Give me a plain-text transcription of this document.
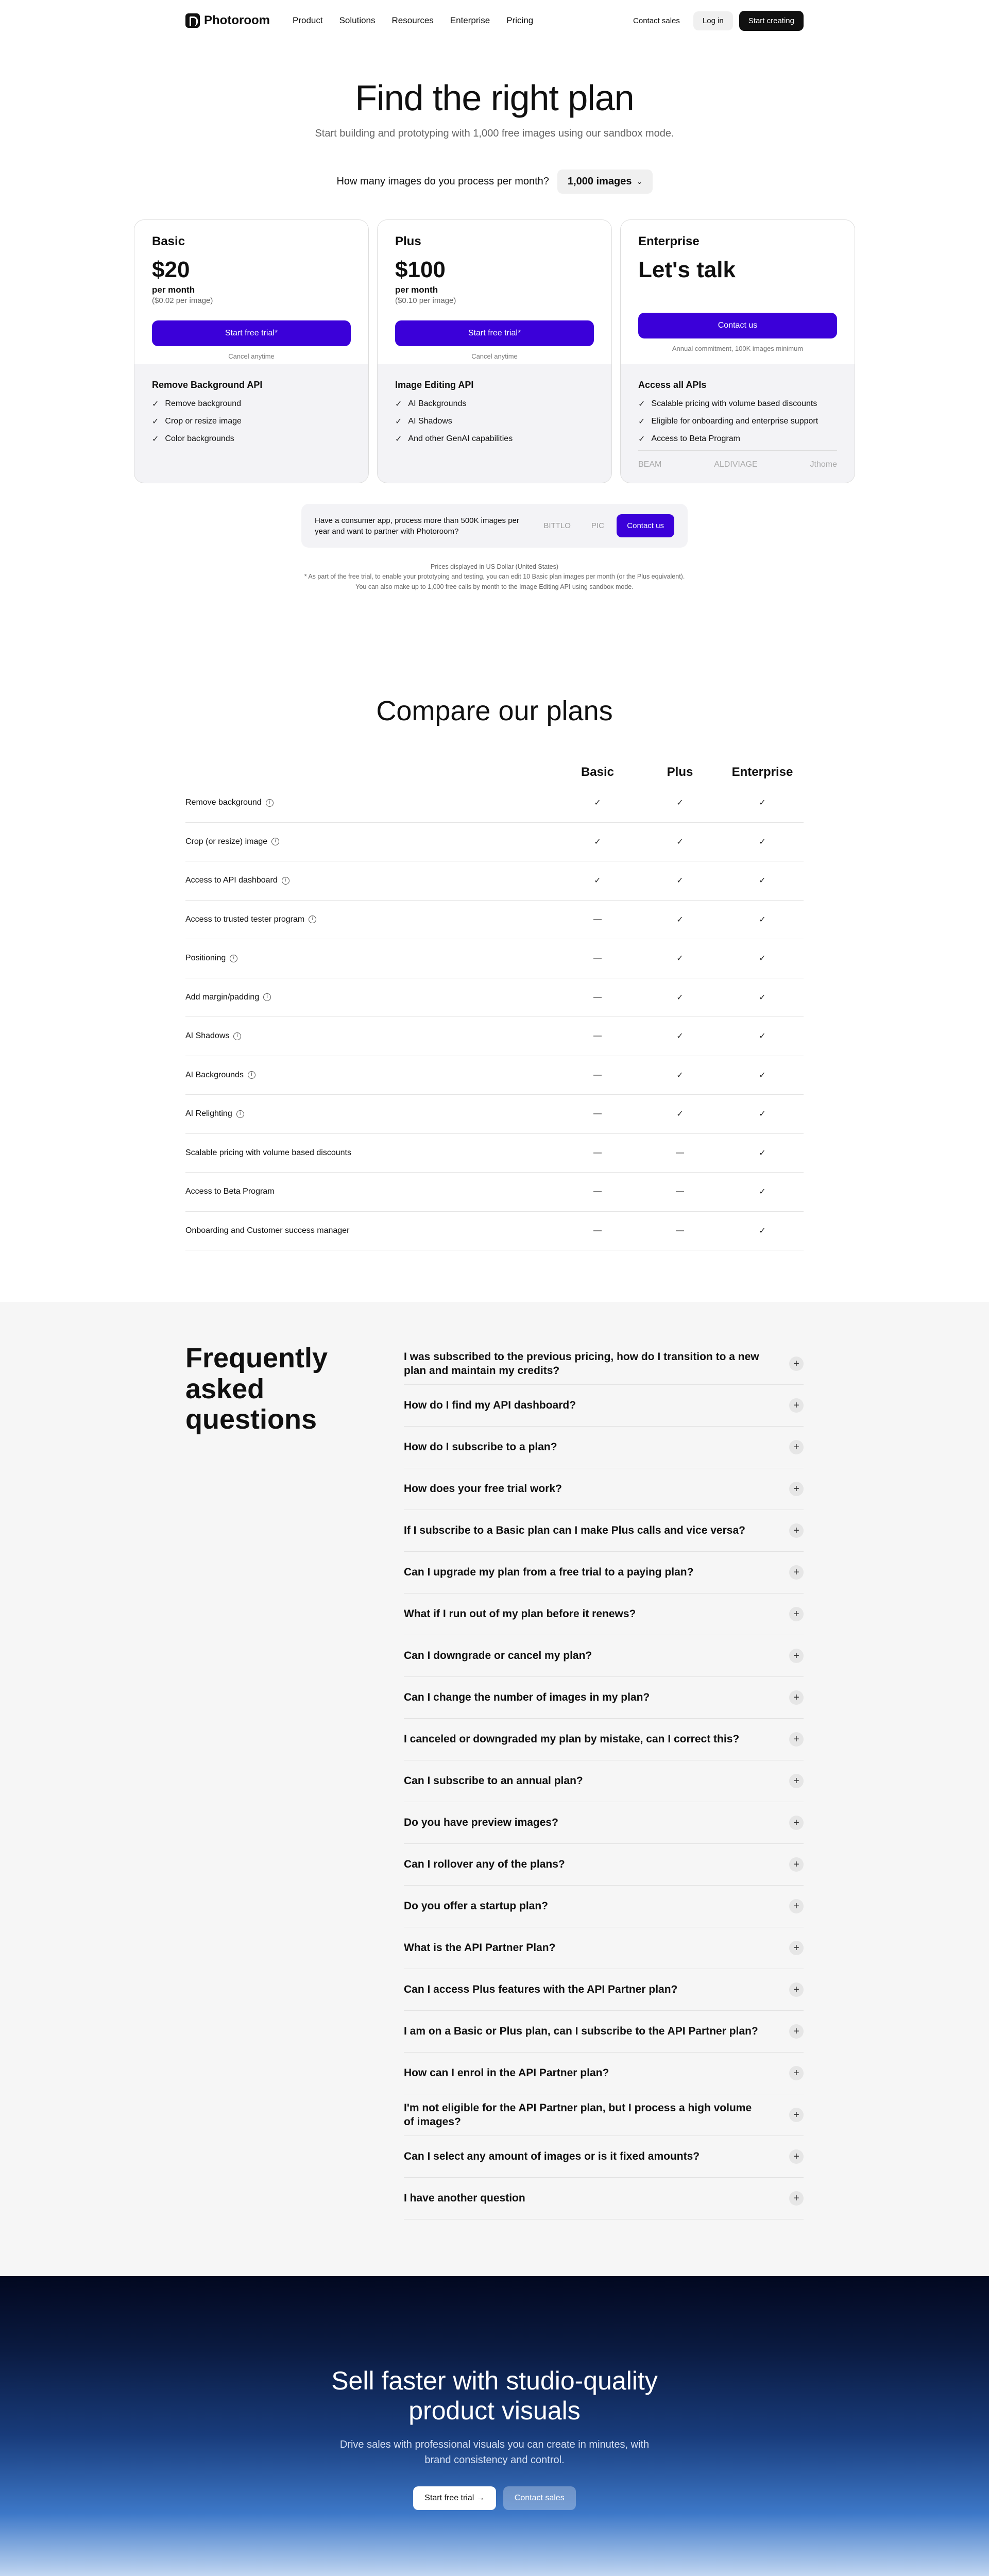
Photoroom	Product Solutions Resources Enterprise Pricing	Contact sales	Log in	Start creating
Find the right plan
Start building and prototyping with 1,000 free images using our sandbox mode.
How many images do you process per month? 1,000 images ⌄
Basic
$20
per month
($0.02 per image)
Start free trial*
Cancel anytime
Remove Background API
✓ Remove background
✓ Crop or resize image
✓ Color backgrounds
Plus
$100
per month
($0.10 per image)
Start free trial*
Cancel anytime
Image Editing API
✓ AI Backgrounds
✓ AI Shadows
✓ And other GenAI capabilities
Enterprise
Let's talk
Contact us
Annual commitment, 100K images minimum
Access all APIs
✓ Scalable pricing with volume based discounts
✓ Eligible for onboarding and enterprise support
✓ Access to Beta Program
BEAM	ALDIVIAGE	Jthome
Have a consumer app, process more than 500K images per year and want to partner with Photoroom?
BITTLO	PIC	Contact us
Prices displayed in US Dollar (United States)
* As part of the free trial, to enable your prototyping and testing, you can edit 10 Basic plan images per month (or the Plus equivalent).
You can also make up to 1,000 free calls by month to the Image Editing API using sandbox mode.
Compare our plans
Basic	Plus	Enterprise
Remove background i	✓	✓	✓
Crop (or resize) image i	✓	✓	✓
Access to API dashboard i	✓	✓	✓
Access to trusted tester program i	—	✓	✓
Positioning i	—	✓	✓
Add margin/padding i	—	✓	✓
AI Shadows i	—	✓	✓
AI Backgrounds i	—	✓	✓
AI Relighting i	—	✓	✓
Scalable pricing with volume based discounts	—	—	✓
Access to Beta Program	—	—	✓
Onboarding and Customer success manager	—	—	✓
Frequently asked questions
I was subscribed to the previous pricing, how do I transition to a new plan and maintain my credits?
+
How do I find my API dashboard?	+
How do I subscribe to a plan?	+
How does your free trial work?	+
If I subscribe to a Basic plan can I make Plus calls and vice versa?	+
Can I upgrade my plan from a free trial to a paying plan?	+
What if I run out of my plan before it renews?	+
Can I downgrade or cancel my plan?	+
Can I change the number of images in my plan?	+
I canceled or downgraded my plan by mistake, can I correct this?	+
Can I subscribe to an annual plan?	+
Do you have preview images?	+
Can I rollover any of the plans?	+
Do you offer a startup plan?	+
What is the API Partner Plan?	+
Can I access Plus features with the API Partner plan?	+
I am on a Basic or Plus plan, can I subscribe to the API Partner plan?	+
How can I enrol in the API Partner plan?	+
I'm not eligible for the API Partner plan, but I process a high volume of images?
+
Can I select any amount of images or is it fixed amounts?	+
I have another question	+
Sell faster with studio-quality
product visuals

Drive sales with professional visuals you can create in minutes, with
brand consistency and control.

Start free trial →	Contact sales
